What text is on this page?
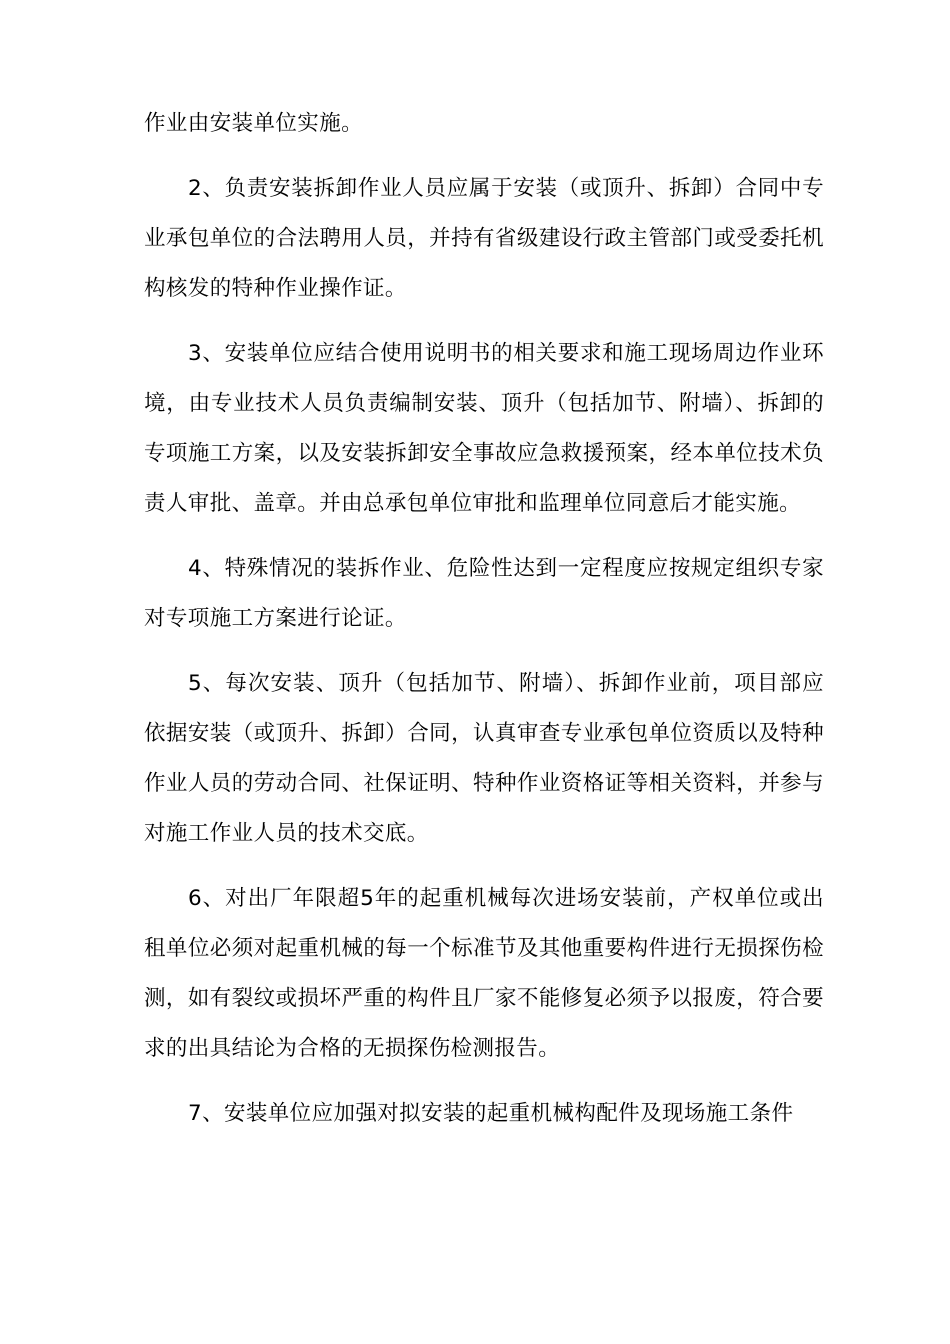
作业由安装单位实施。

2、负责安装拆卸作业人员应属于安装（或顶升、拆卸）合同中专业承包单位的合法聘用人员，并持有省级建设行政主管部门或受委托机构核发的特种作业操作证。

3、安装单位应结合使用说明书的相关要求和施工现场周边作业环境，由专业技术人员负责编制安装、顶升（包括加节、附墙）、拆卸的专项施工方案，以及安装拆卸安全事故应急救援预案，经本单位技术负责人审批、盖章。并由总承包单位审批和监理单位同意后才能实施。

4、特殊情况的装拆作业、危险性达到一定程度应按规定组织专家对专项施工方案进行论证。

5、每次安装、顶升（包括加节、附墙）、拆卸作业前，项目部应依据安装（或顶升、拆卸）合同，认真审查专业承包单位资质以及特种作业人员的劳动合同、社保证明、特种作业资格证等相关资料，并参与对施工作业人员的技术交底。

6、对出厂年限超5年的起重机械每次进场安装前，产权单位或出租单位必须对起重机械的每一个标准节及其他重要构件进行无损探伤检测，如有裂纹或损坏严重的构件且厂家不能修复必须予以报废，符合要求的出具结论为合格的无损探伤检测报告。

7、安装单位应加强对拟安装的起重机械构配件及现场施工条件
